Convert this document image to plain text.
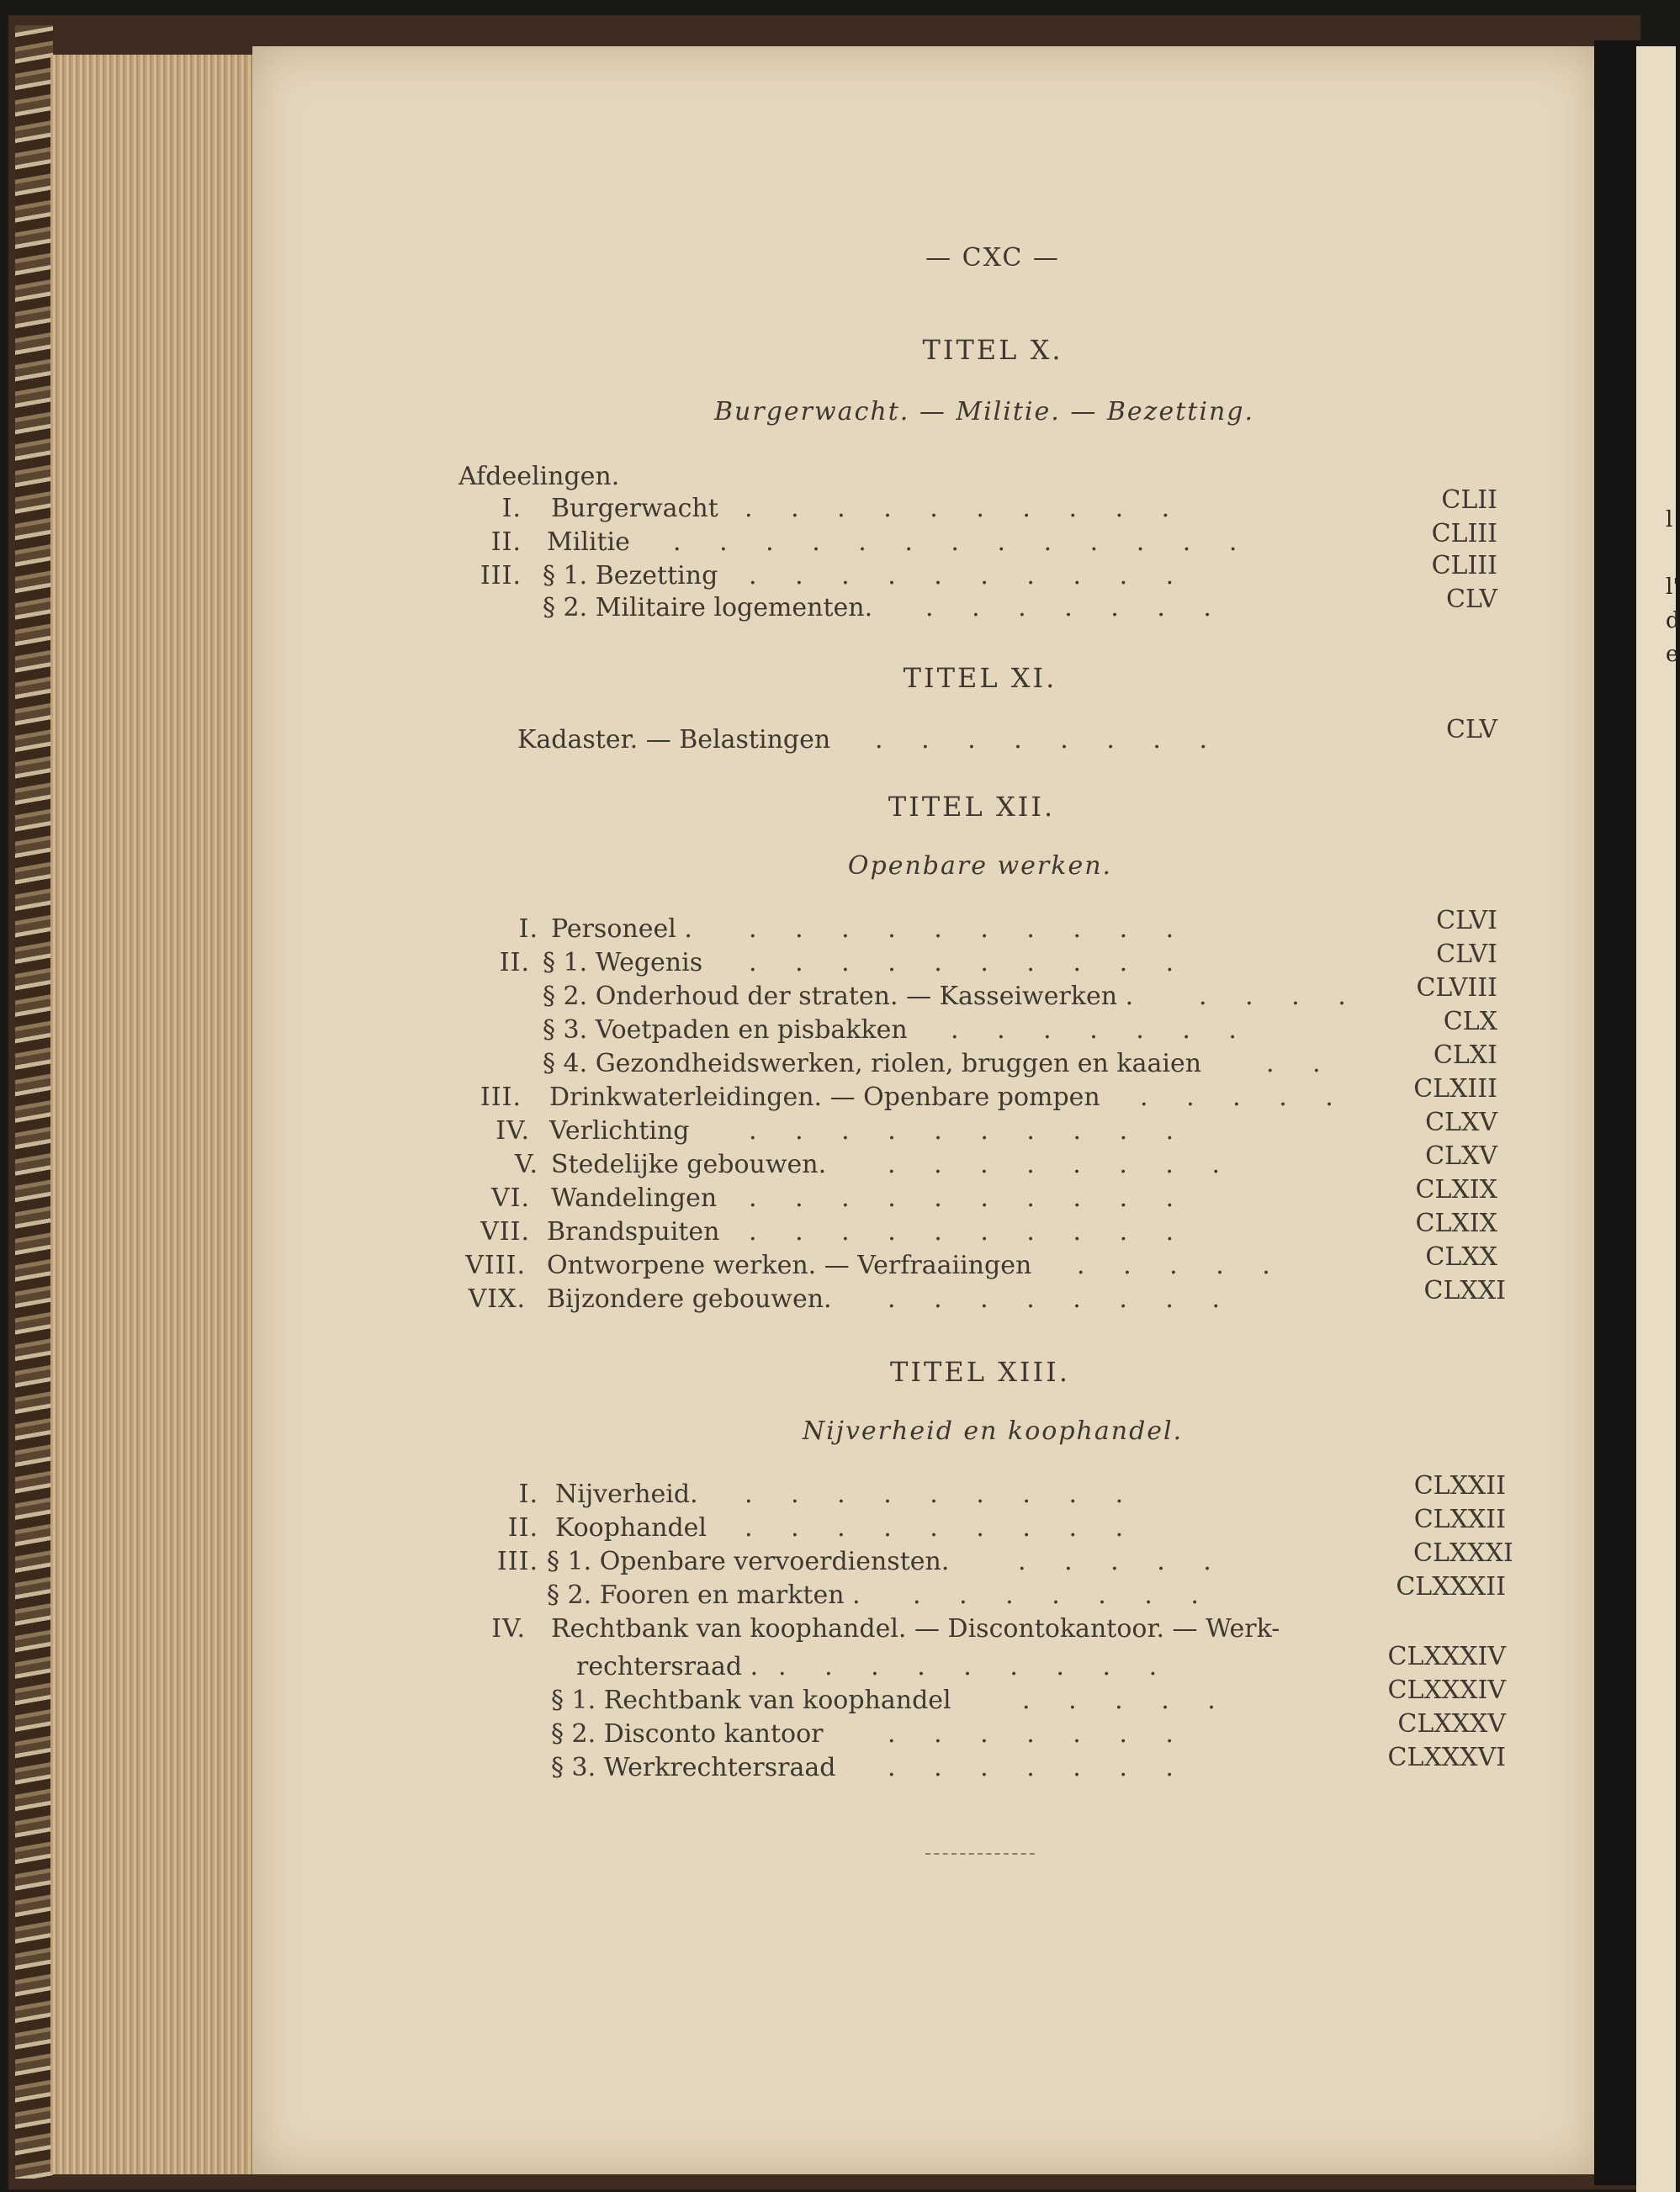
l
l'
d
e
— CXC —
TITEL X.
Burgerwacht. — Militie. — Bezetting.
Afdeelingen.
I. Burgerwacht . . . . . . . . . .	CLII
II. Militie . . . . . . . . . . . . .	CLIII
III. § 1. Bezetting . . . . . . . . . .	CLIII
§ 2. Militaire logementen. . . . . . . .	CLV
TITEL XI.
Kadaster. — Belastingen . . . . . . . .	CLV
TITEL XII.
Openbare werken.
I. Personeel . . . . . . . . . . .	CLVI
II. § 1. Wegenis . . . . . . . . . .	CLVI
§ 2. Onderhoud der straten. — Kasseiwerken .	. . . . CLVIII
§ 3. Voetpaden en pisbakken . . . . . . .	CLX
§ 4. Gezondheidswerken, riolen, bruggen en kaaien	. .	CLXI
III. Drinkwaterleidingen. — Openbare pompen . . . . .	CLXIII
IV. Verlichting . . . . . . . . . .	CLXV
V. Stedelijke gebouwen. . . . . . . . .	CLXV
VI. Wandelingen . . . . . . . . . .	CLXIX
VII. Brandspuiten . . . . . . . . . .	CLXIX
VIII. Ontworpene werken. — Verfraaiingen . . . . .	CLXX
VIX. Bijzondere gebouwen. . . . . . . . .	CLXXI
TITEL XIII.
Nijverheid en koophandel.
I. Nijverheid. . . . . . . . . .	CLXXII
II. Koophandel . . . . . . . . .	CLXXII
III. § 1. Openbare vervoerdiensten.	. . . . .	CLXXXI
§ 2. Fooren en markten . . . . . . . .	CLXXXII
IV. Rechtbank van koophandel. — Discontokantoor. — Werk-
rechtersraad . . . . . . . . . .	CLXXXIV
§ 1. Rechtbank van koophandel	. . . . .	CLXXXIV
§ 2. Disconto kantoor	. . . . . . .	CLXXXV
§ 3. Werkrechtersraad . . . . . . .	CLXXXVI
